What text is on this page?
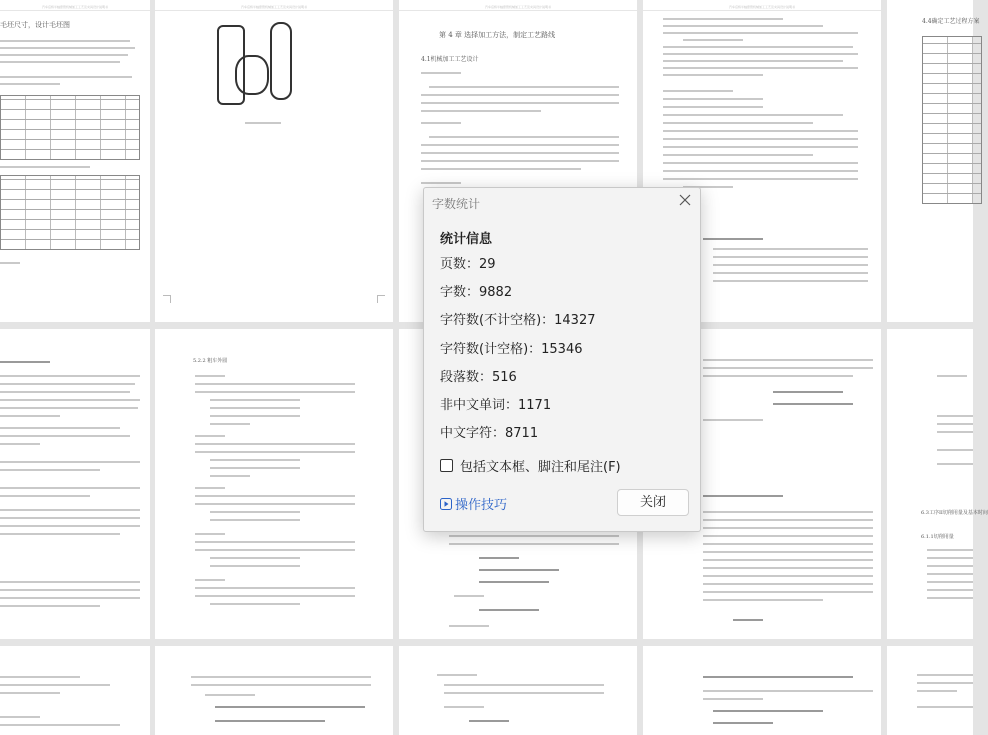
汽车后桥半轴套管机械加工工艺及夹具设计说明书
毛坯尺寸，设计毛坯图
汽车后桥半轴套管机械加工工艺及夹具设计说明书	汽车后桥半轴套管机械加工工艺及夹具设计说明书
第 4 章 选择加工方法，制定工艺路线
4.1机械加工工艺设计
汽车后桥半轴套管机械加工工艺及夹具设计说明书
4.4确定工艺过程方案
5.2.2 粗车外圆
6.3工序II切削用量及基本时间
6.1.1切削用量
字数统计
统计信息
页数：29
字数：9882
字符数(不计空格)：14327
字符数(计空格)：15346
段落数：516
非中文单词：1171
中文字符：8711
包括文本框、脚注和尾注(F)
操作技巧	关闭
